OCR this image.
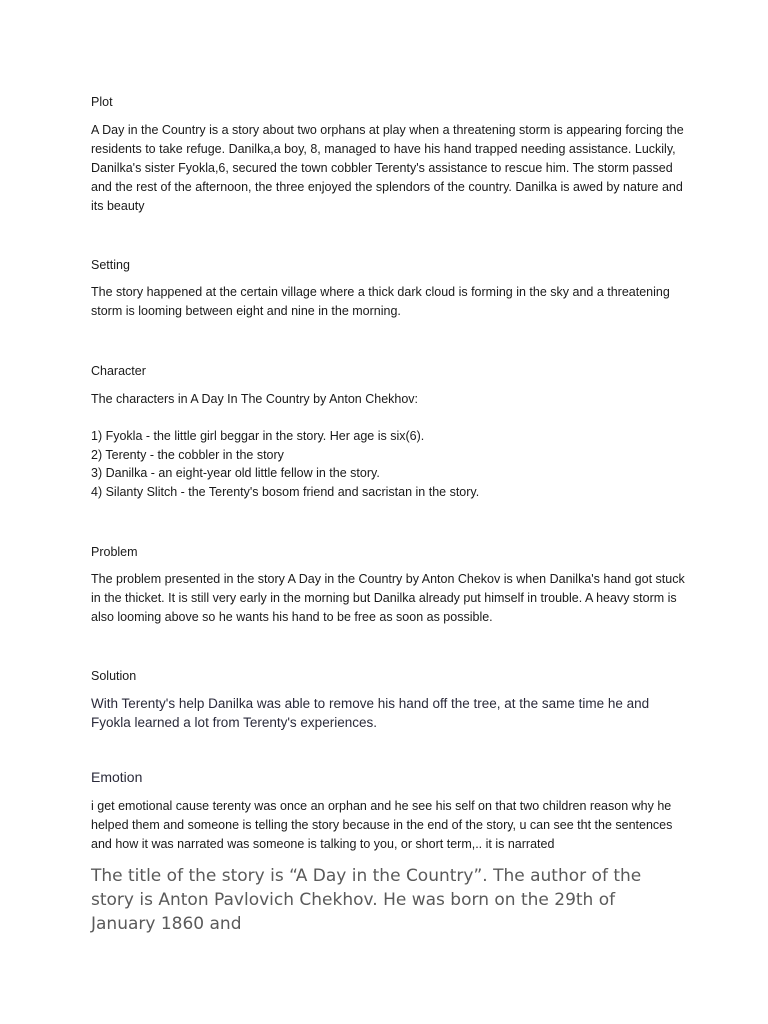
Plot

A Day in the Country is a story about two orphans at play when a threatening storm is appearing forcing the residents to take refuge. Danilka,a boy, 8, managed to have his hand trapped needing assistance. Luckily, Danilka's sister Fyokla,6, secured the town cobbler Terenty's assistance to rescue him. The storm passed and the rest of the afternoon, the three enjoyed the splendors of the country. Danilka is awed by nature and its beauty

Setting

The story happened at the certain village where a thick dark cloud is forming in the sky and a threatening storm is looming between eight and nine in the morning.

Character

The characters in A Day In The Country by Anton Chekhov:

1) Fyokla - the little girl beggar in the story. Her age is six(6).
2) Terenty - the cobbler in the story
3) Danilka - an eight-year old little fellow in the story.
4) Silanty Slitch - the Terenty's bosom friend and sacristan in the story.

Problem

The problem presented in the story A Day in the Country by Anton Chekov is when Danilka's hand got stuck in the thicket. It is still very early in the morning but Danilka already put himself in trouble. A heavy storm is also looming above so he wants his hand to be free as soon as possible.

Solution

With Terenty's help Danilka was able to remove his hand off the tree, at the same time he and Fyokla learned a lot from Terenty's experiences.

Emotion

i get emotional cause terenty was once an orphan and he see his self on that two children reason why he helped them and someone is telling the story because in the end of the story, u can see tht the sentences and how it was narrated was someone is talking to you, or short term,.. it is narrated

The title of the story is “A Day in the Country”. The author of the story is Anton Pavlovich Chekhov. He was born on the 29th of January 1860 and
